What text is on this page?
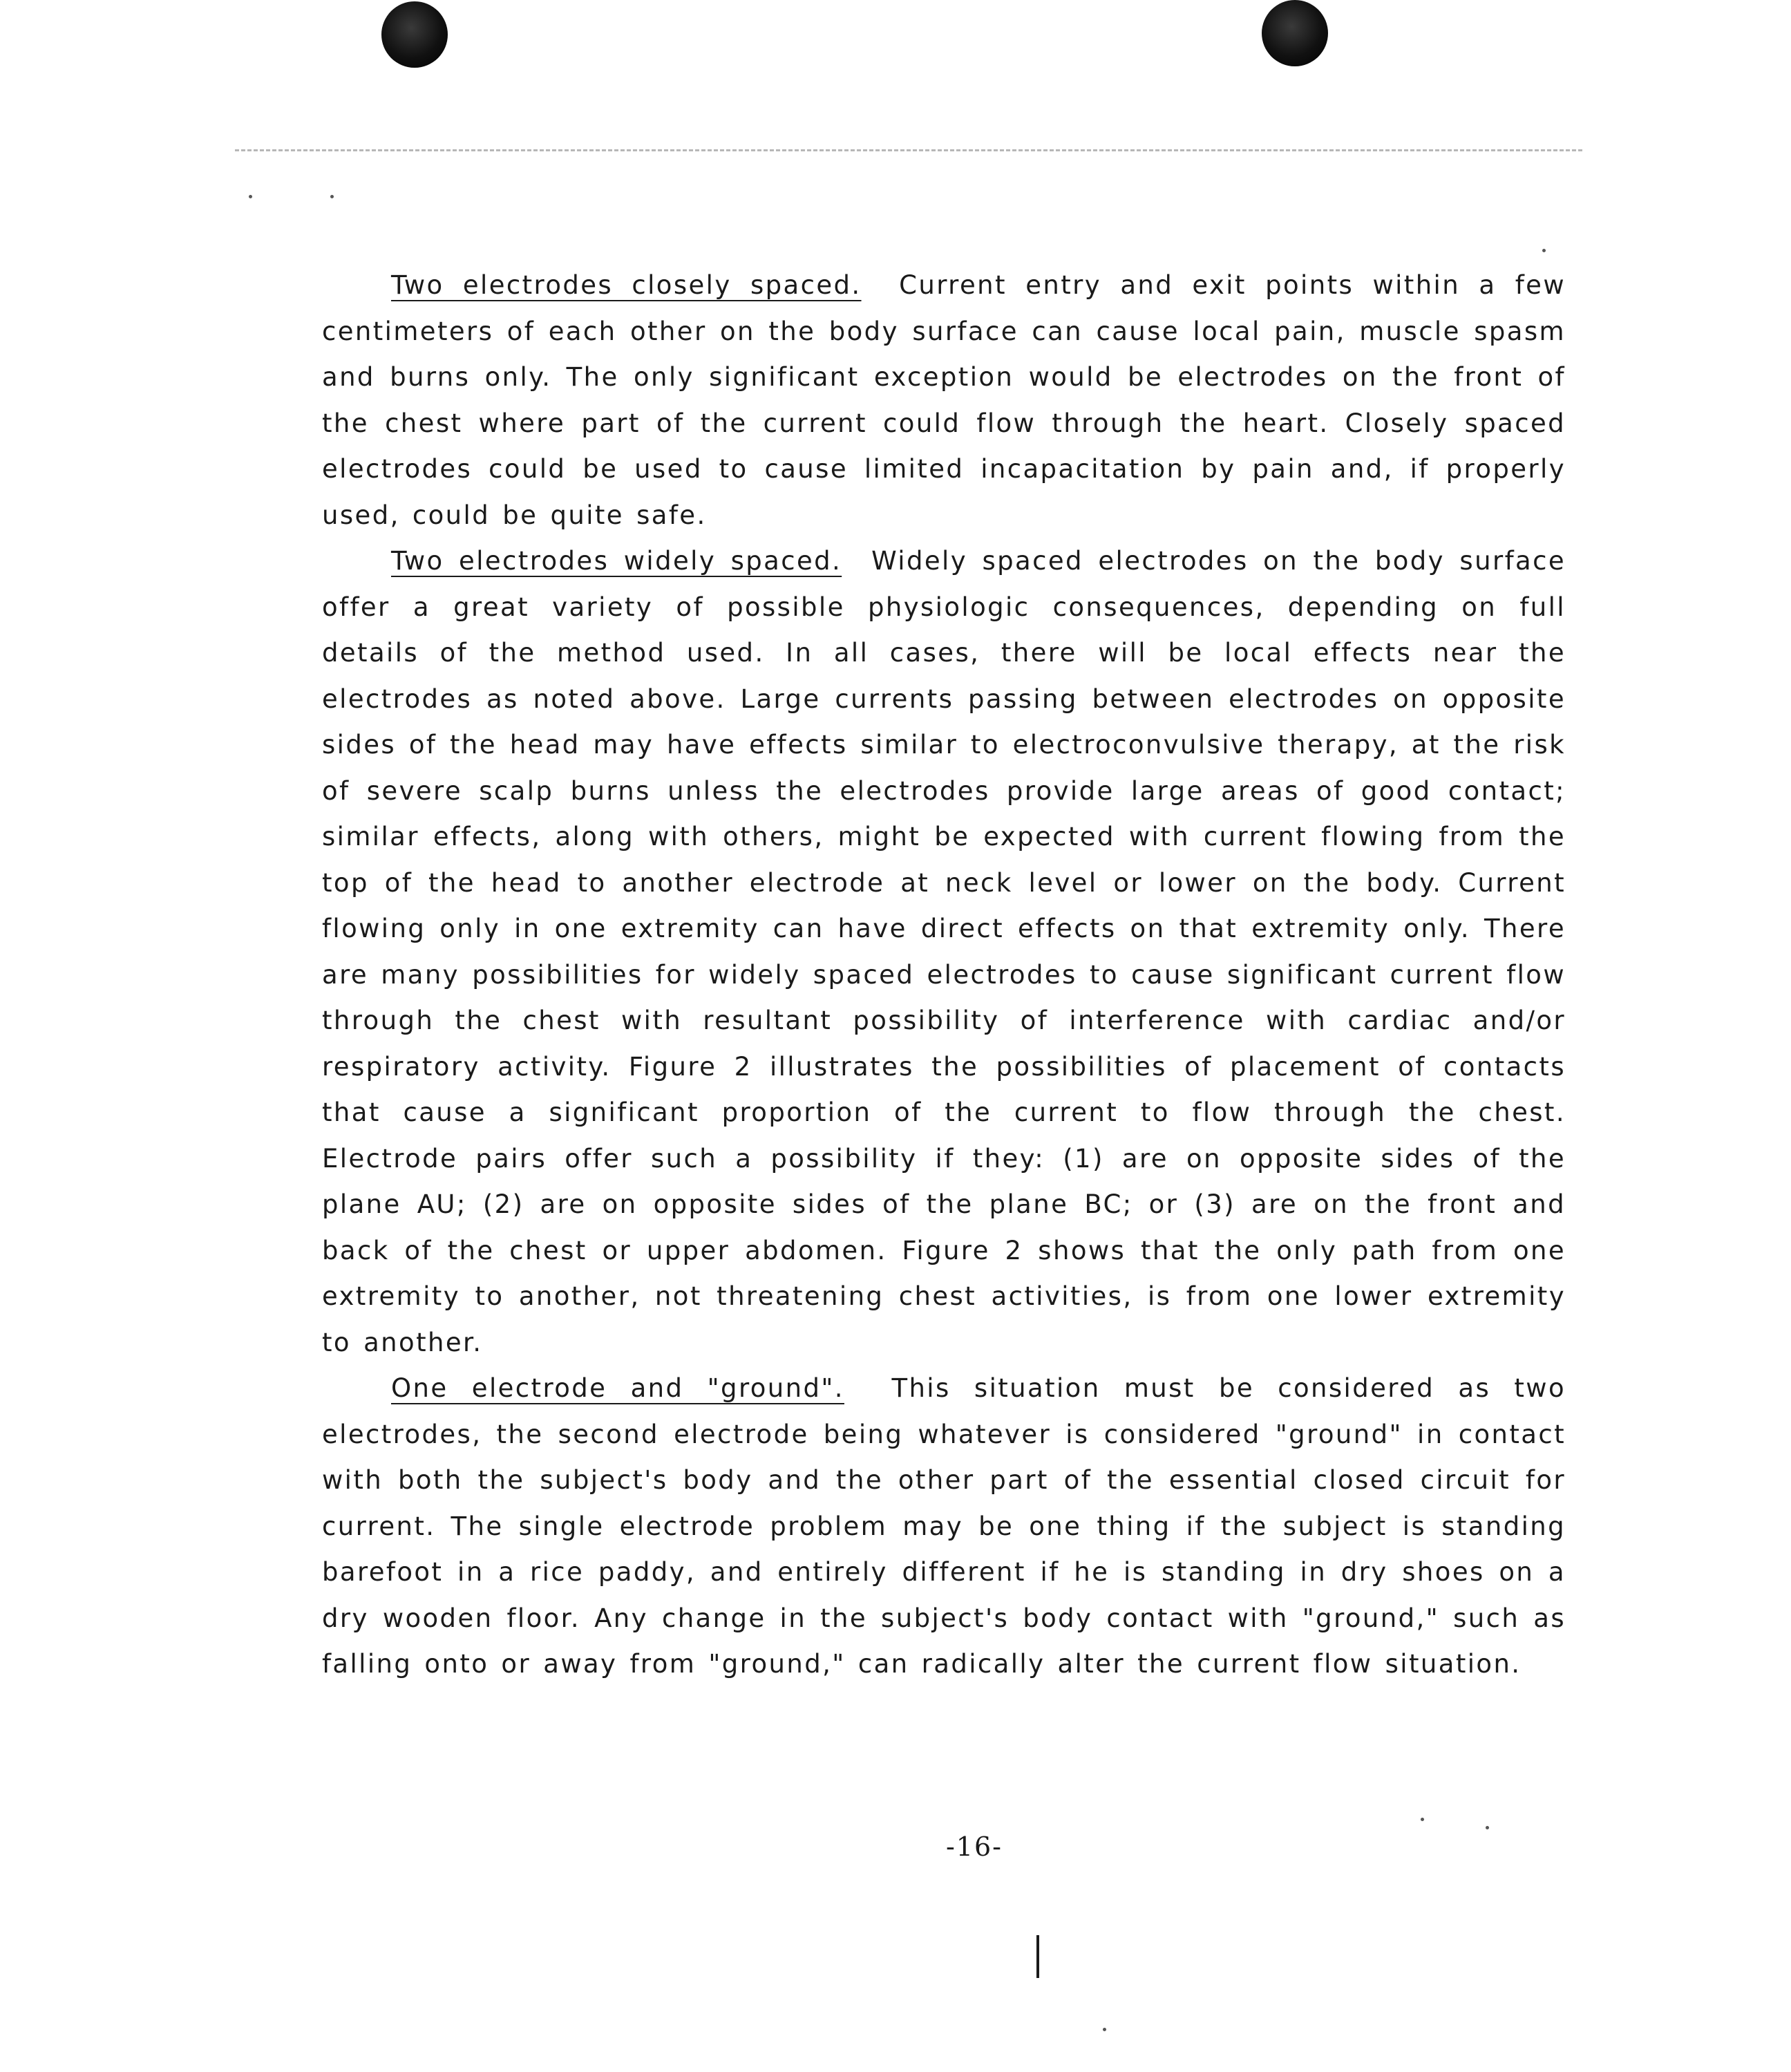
Two electrodes closely spaced. Current entry and exit points within a few centimeters of each other on the body surface can cause local pain, muscle spasm and burns only. The only significant exception would be electrodes on the front of the chest where part of the current could flow through the heart. Closely spaced electrodes could be used to cause limited incapacitation by pain and, if properly used, could be quite safe.

Two electrodes widely spaced. Widely spaced electrodes on the body surface offer a great variety of possible physiologic consequences, depending on full details of the method used. In all cases, there will be local effects near the electrodes as noted above. Large currents passing between electrodes on opposite sides of the head may have effects similar to electroconvulsive therapy, at the risk of severe scalp burns unless the electrodes provide large areas of good contact; similar effects, along with others, might be expected with current flowing from the top of the head to another electrode at neck level or lower on the body. Current flowing only in one extremity can have direct effects on that extremity only. There are many possibilities for widely spaced electrodes to cause significant current flow through the chest with resultant possibility of interference with cardiac and/or respiratory activity. Figure 2 illustrates the possibilities of placement of contacts that cause a significant proportion of the current to flow through the chest. Electrode pairs offer such a possibility if they: (1) are on opposite sides of the plane AU; (2) are on opposite sides of the plane BC; or (3) are on the front and back of the chest or upper abdomen. Figure 2 shows that the only path from one extremity to another, not threatening chest activities, is from one lower extremity to another.

One electrode and "ground". This situation must be considered as two electrodes, the second electrode being whatever is considered "ground" in contact with both the subject's body and the other part of the essential closed circuit for current. The single electrode problem may be one thing if the subject is standing barefoot in a rice paddy, and entirely different if he is standing in dry shoes on a dry wooden floor. Any change in the subject's body contact with "ground," such as falling onto or away from "ground," can radically alter the current flow situation.

-16-
